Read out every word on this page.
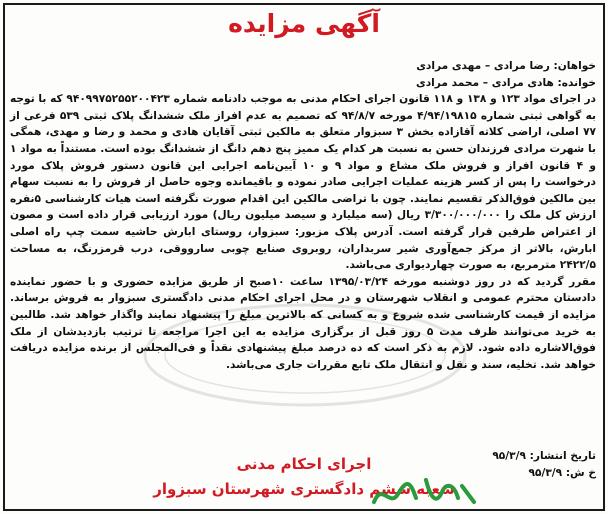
آگهی مزایده

خواهان: رضا مرادی – مهدی مرادی

خوانده: هادی مرادی – محمد مرادی

در اجرای مواد ۱۲۳ و ۱۳۸ و ۱۱۸ قانون اجرای احکام مدنی به موجب دادنامه شماره ۹۴۰۹۹۷۵۲۵۵۲۰۰۴۲۳ که با توجه به گواهی ثبتی شماره ۴/۹۴/۱۹۸۱۵ مورخه ۹۴/۸/۷ که تصمیم به عدم افراز ملک ششدانگ پلاک ثبتی ۵۳۹ فرعی از ۷۷ اصلی، اراضی کلاته آقازاده بخش ۳ سبزوار متعلق به مالکین ثبتی آقایان هادی و محمد و رضا و مهدی، همگی با شهرت مرادی فرزندان حسن به نسبت هر کدام یک ممیز پنج دهم دانگ از ششدانگ بوده است. مستنداً به مواد ۱ و ۴ قانون افراز و فروش ملک مشاع و مواد ۹ و ۱۰ آیین‌نامه اجرایی این قانون دستور فروش پلاک مورد درخواست را پس از کسر هزینه عملیات اجرایی صادر نموده و باقیمانده وجوه حاصل از فروش را به نسبت سهام بین مالکین فوق‌الذکر تقسیم نمایند. چون با تراضی مالکین این اقدام صورت نگرفته است هیات کارشناسی ۵نفره ارزش کل ملک را ۳/۳۰۰/۰۰۰/۰۰۰ ریال (سه میلیارد و سیصد میلیون ریال) مورد ارزیابی قرار داده است و مصون از اعتراض طرفین قرار گرفته است. آدرس پلاک مزبور: سبزوار، روستای ابارش حاشیه سمت چپ راه اصلی ابارش، بالاتر از مرکز جمع‌آوری شیر سربداران، روبروی صنایع چوبی سارووقی، درب قرمزرنگ، به مساحت ۲۴۲۲/۵ مترمربع، به صورت چهاردیواری می‌باشد.

مقرر گردید که در روز دوشنبه مورخه ۱۳۹۵/۰۳/۲۴ ساعت ۱۰صبح از طریق مزایده حضوری و با حضور نماینده دادستان محترم عمومی و انقلاب شهرستان و در محل اجرای احکام مدنی دادگستری سبزوار به فروش برساند. مزایده از قیمت کارشناسی شده شروع و به کسانی که بالاترین مبلغ را پیشنهاد نمایند واگذار خواهد شد. طالبین به خرید می‌توانند ظرف مدت ۵ روز قبل از برگزاری مزایده به این اجرا مراجعه تا ترتیب بازدیدشان از ملک فوق‌الاشاره داده شود. لازم به ذکر است که ده درصد مبلغ پیشنهادی نقداً و فی‌المجلس از برنده مزایده دریافت خواهد شد. تخلیه، سند و نقل و انتقال ملک تابع مقررات جاری می‌باشد.

تاریخ انتشار: ۹۵/۳/۹
خ ش: ۹۵/۳/۹
اجرای احکام مدنی
شعبه ششم دادگستری شهرستان سبزوار
